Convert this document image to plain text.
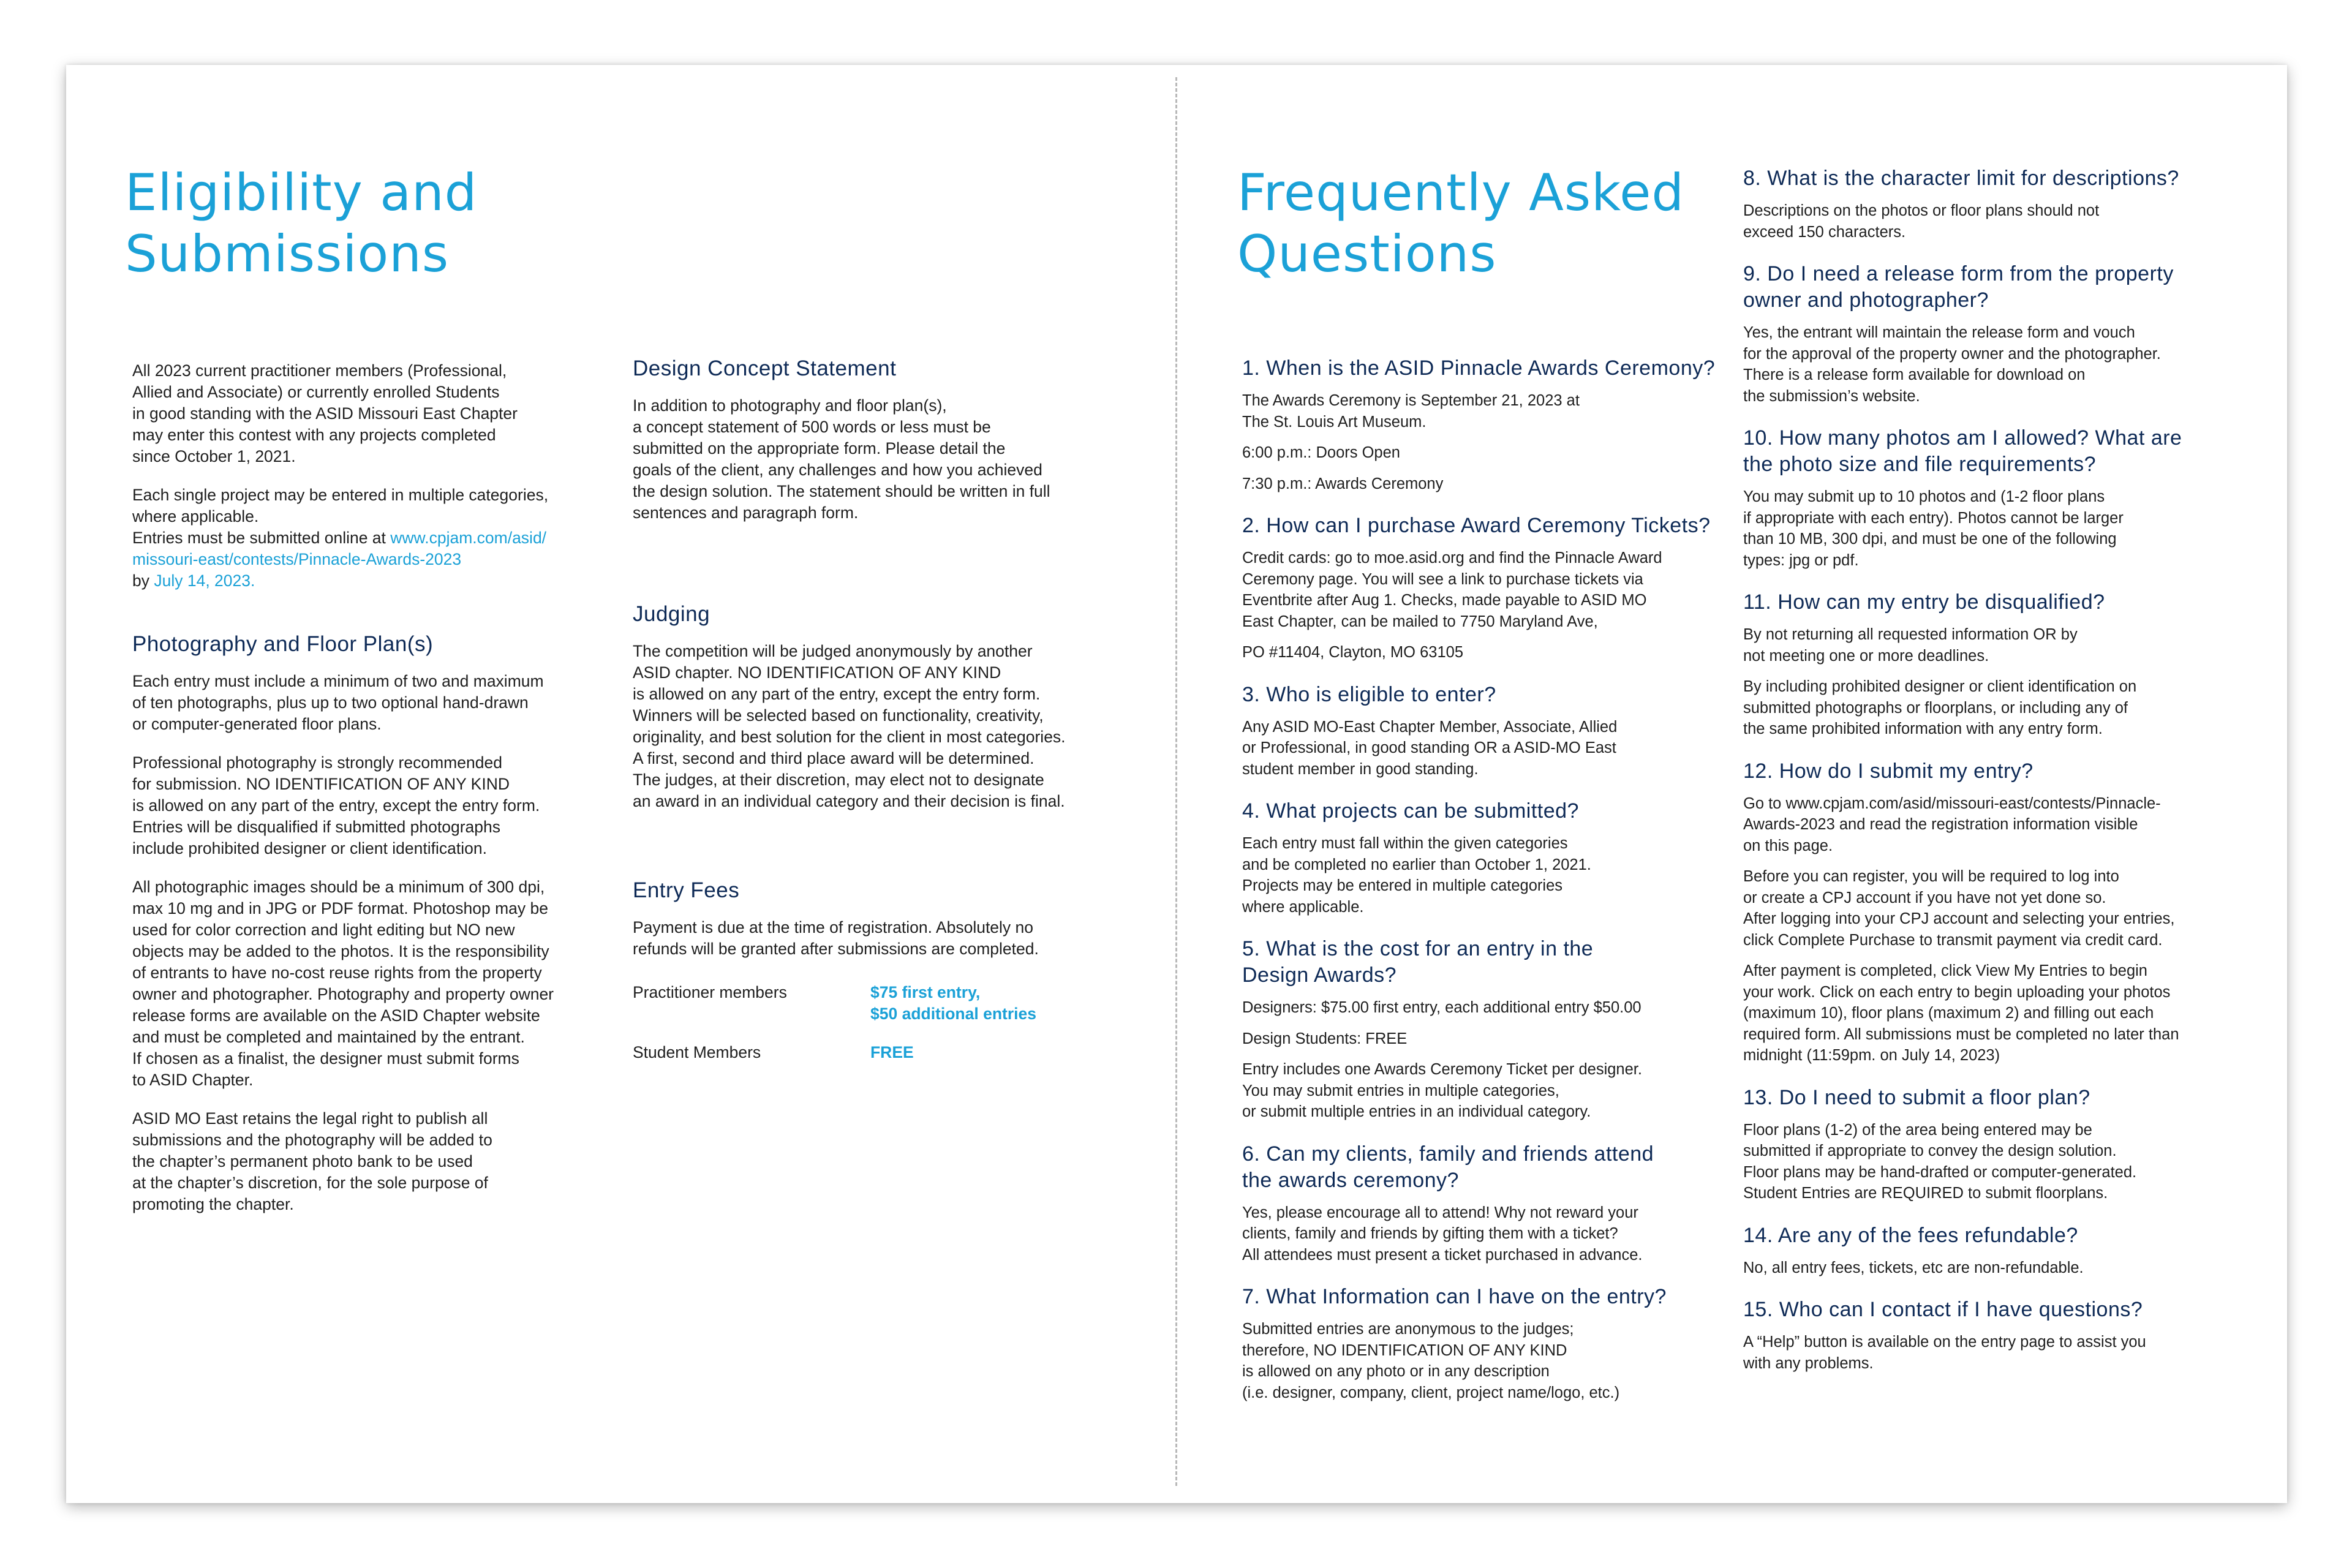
Eligibility and
Submissions

All 2023 current practitioner members (Professional,
Allied and Associate) or currently enrolled Students
in good standing with the ASID Missouri East Chapter
may enter this contest with any projects completed
since October 1, 2021.

Each single project may be entered in multiple categories,
where applicable.
Entries must be submitted online at www.cpjam.com/asid/
missouri-east/contests/Pinnacle-Awards-2023
by July 14, 2023.

Photography and Floor Plan(s)

Each entry must include a minimum of two and maximum
of ten photographs, plus up to two optional hand-drawn
or computer-generated floor plans.

Professional photography is strongly recommended
for submission. NO IDENTIFICATION OF ANY KIND
is allowed on any part of the entry, except the entry form.
Entries will be disqualified if submitted photographs
include prohibited designer or client identification.

All photographic images should be a minimum of 300 dpi,
max 10 mg and in JPG or PDF format. Photoshop may be
used for color correction and light editing but NO new
objects may be added to the photos. It is the responsibility
of entrants to have no-cost reuse rights from the property
owner and photographer. Photography and property owner
release forms are available on the ASID Chapter website
and must be completed and maintained by the entrant.
If chosen as a finalist, the designer must submit forms
to ASID Chapter.

ASID MO East retains the legal right to publish all
submissions and the photography will be added to
the chapter’s permanent photo bank to be used
at the chapter’s discretion, for the sole purpose of
promoting the chapter.

Design Concept Statement

In addition to photography and floor plan(s),
a concept statement of 500 words or less must be
submitted on the appropriate form. Please detail the
goals of the client, any challenges and how you achieved
the design solution. The statement should be written in full
sentences and paragraph form.

Judging

The competition will be judged anonymously by another
ASID chapter. NO IDENTIFICATION OF ANY KIND
is allowed on any part of the entry, except the entry form.
Winners will be selected based on functionality, creativity,
originality, and best solution for the client in most categories.
A first, second and third place award will be determined.
The judges, at their discretion, may elect not to designate
an award in an individual category and their decision is final.

Entry Fees

Payment is due at the time of registration. Absolutely no
refunds will be granted after submissions are completed.

Practitioner members	$75 first entry,
$50 additional entries
Student Members	FREE
Frequently Asked
Questions
1. When is the ASID Pinnacle Awards Ceremony?

The Awards Ceremony is September 21, 2023 at
The St. Louis Art Museum.

6:00 p.m.: Doors Open

7:30 p.m.: Awards Ceremony

2. How can I purchase Award Ceremony Tickets?

Credit cards: go to moe.asid.org and find the Pinnacle Award
Ceremony page. You will see a link to purchase tickets via
Eventbrite after Aug 1. Checks, made payable to ASID MO
East Chapter, can be mailed to 7750 Maryland Ave,

PO #11404, Clayton, MO 63105

3. Who is eligible to enter?

Any ASID MO-East Chapter Member, Associate, Allied
or Professional, in good standing OR a ASID-MO East
student member in good standing.

4. What projects can be submitted?

Each entry must fall within the given categories
and be completed no earlier than October 1, 2021.
Projects may be entered in multiple categories
where applicable.

5. What is the cost for an entry in the
Design Awards?

Designers: $75.00 first entry, each additional entry $50.00

Design Students: FREE

Entry includes one Awards Ceremony Ticket per designer.
You may submit entries in multiple categories,
or submit multiple entries in an individual category.

6. Can my clients, family and friends attend
the awards ceremony?

Yes, please encourage all to attend! Why not reward your
clients, family and friends by gifting them with a ticket?
All attendees must present a ticket purchased in advance.

7. What Information can I have on the entry?

Submitted entries are anonymous to the judges;
therefore, NO IDENTIFICATION OF ANY KIND
is allowed on any photo or in any description
(i.e. designer, company, client, project name/logo, etc.)

8. What is the character limit for descriptions?

Descriptions on the photos or floor plans should not
exceed 150 characters.

9. Do I need a release form from the property
owner and photographer?

Yes, the entrant will maintain the release form and vouch
for the approval of the property owner and the photographer.
There is a release form available for download on
the submission’s website.

10. How many photos am I allowed? What are
the photo size and file requirements?

You may submit up to 10 photos and (1-2 floor plans
if appropriate with each entry). Photos cannot be larger
than 10 MB, 300 dpi, and must be one of the following
types: jpg or pdf.

11. How can my entry be disqualified?

By not returning all requested information OR by
not meeting one or more deadlines.

By including prohibited designer or client identification on
submitted photographs or floorplans, or including any of
the same prohibited information with any entry form.

12. How do I submit my entry?

Go to www.cpjam.com/asid/missouri-east/contests/Pinnacle-
Awards-2023 and read the registration information visible
on this page.

Before you can register, you will be required to log into
or create a CPJ account if you have not yet done so.
After logging into your CPJ account and selecting your entries,
click Complete Purchase to transmit payment via credit card.

After payment is completed, click View My Entries to begin
your work. Click on each entry to begin uploading your photos
(maximum 10), floor plans (maximum 2) and filling out each
required form. All submissions must be completed no later than
midnight (11:59pm. on July 14, 2023)

13. Do I need to submit a floor plan?

Floor plans (1-2) of the area being entered may be
submitted if appropriate to convey the design solution.
Floor plans may be hand-drafted or computer-generated.
Student Entries are REQUIRED to submit floorplans.

14. Are any of the fees refundable?

No, all entry fees, tickets, etc are non-refundable.

15. Who can I contact if I have questions?

A “Help” button is available on the entry page to assist you
with any problems.
